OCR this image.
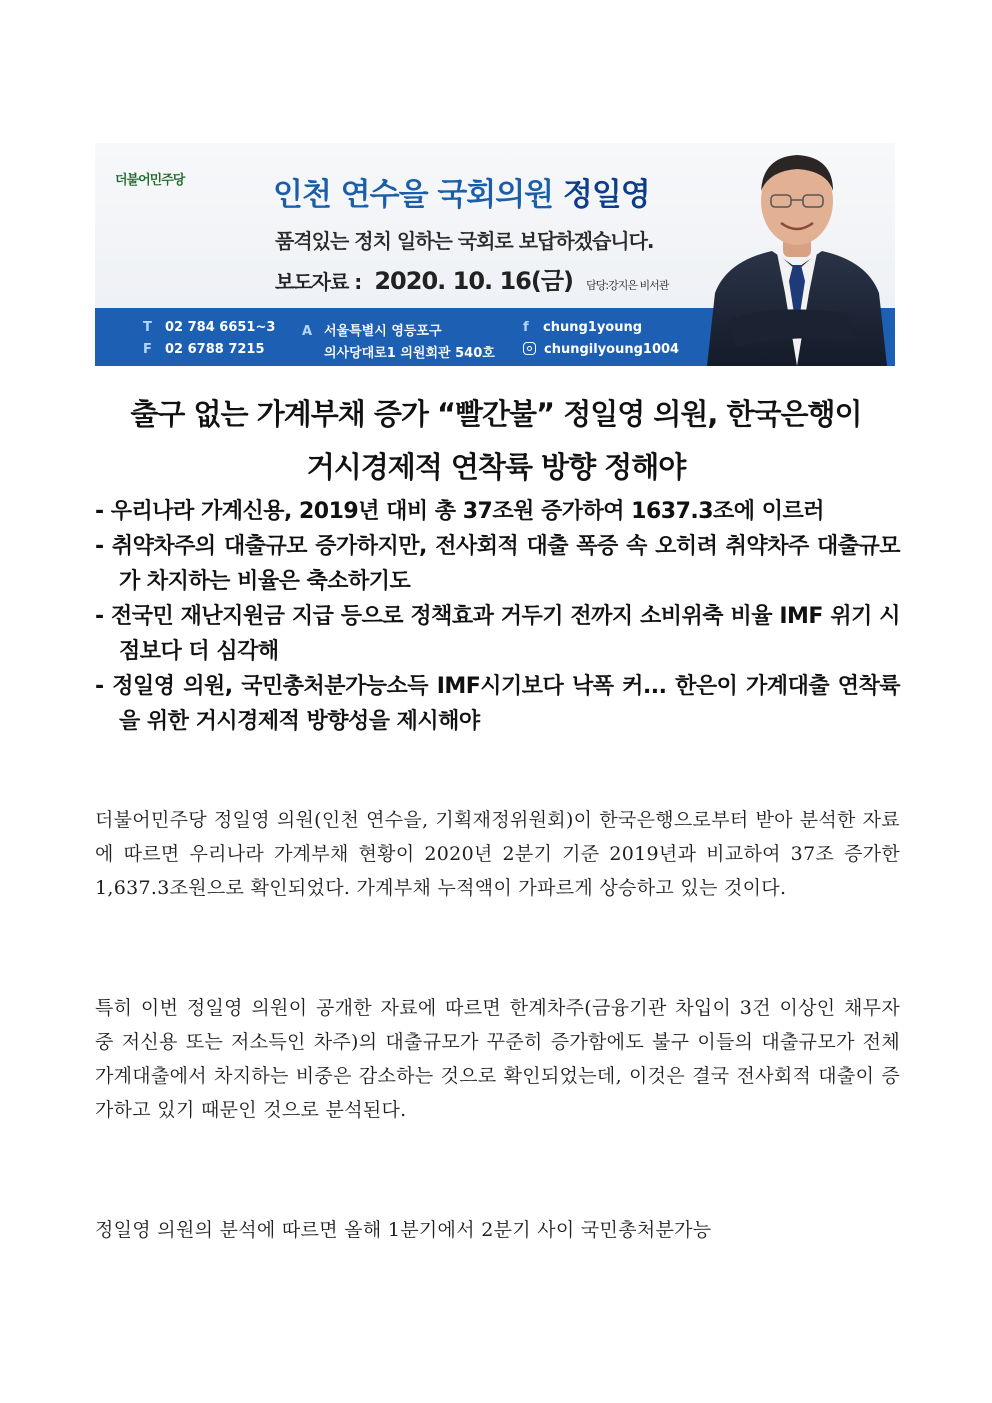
더불어민주당	인천 연수을 국회의원 정일영
품격있는 정치 일하는 국회로 보답하겠습니다.
보도자료 : 2020. 10. 16(금) 담당:강지은 비서관
T 02 784 6651~3
F 02 6788 7215
A 서울특별시 영등포구
의사당대로1 의원회관 540호
f chung1young
chungilyoung1004
출구 없는 가계부채 증가 “빨간불” 정일영 의원, 한국은행이
거시경제적 연착륙 방향 정해야
- 우리나라 가계신용, 2019년 대비 총 37조원 증가하여 1637.3조에 이르러
- 취약차주의 대출규모 증가하지만, 전사회적 대출 폭증 속 오히려 취약차주 대출규모가 차지하는 비율은 축소하기도
- 전국민 재난지원금 지급 등으로 정책효과 거두기 전까지 소비위축 비율 IMF 위기 시점보다 더 심각해
- 정일영 의원, 국민총처분가능소득 IMF시기보다 낙폭 커... 한은이 가계대출 연착륙을 위한 거시경제적 방향성을 제시해야
더불어민주당 정일영 의원(인천 연수을, 기획재정위원회)이 한국은행으로부터 받아 분석한 자료에 따르면 우리나라 가계부채 현황이 2020년 2분기 기준 2019년과 비교하여 37조 증가한 1,637.3조원으로 확인되었다. 가계부채 누적액이 가파르게 상승하고 있는 것이다.
특히 이번 정일영 의원이 공개한 자료에 따르면 한계차주(금융기관 차입이 3건 이상인 채무자 중 저신용 또는 저소득인 차주)의 대출규모가 꾸준히 증가함에도 불구 이들의 대출규모가 전체 가계대출에서 차지하는 비중은 감소하는 것으로 확인되었는데, 이것은 결국 전사회적 대출이 증가하고 있기 때문인 것으로 분석된다.
정일영 의원의 분석에 따르면 올해 1분기에서 2분기 사이 국민총처분가능
